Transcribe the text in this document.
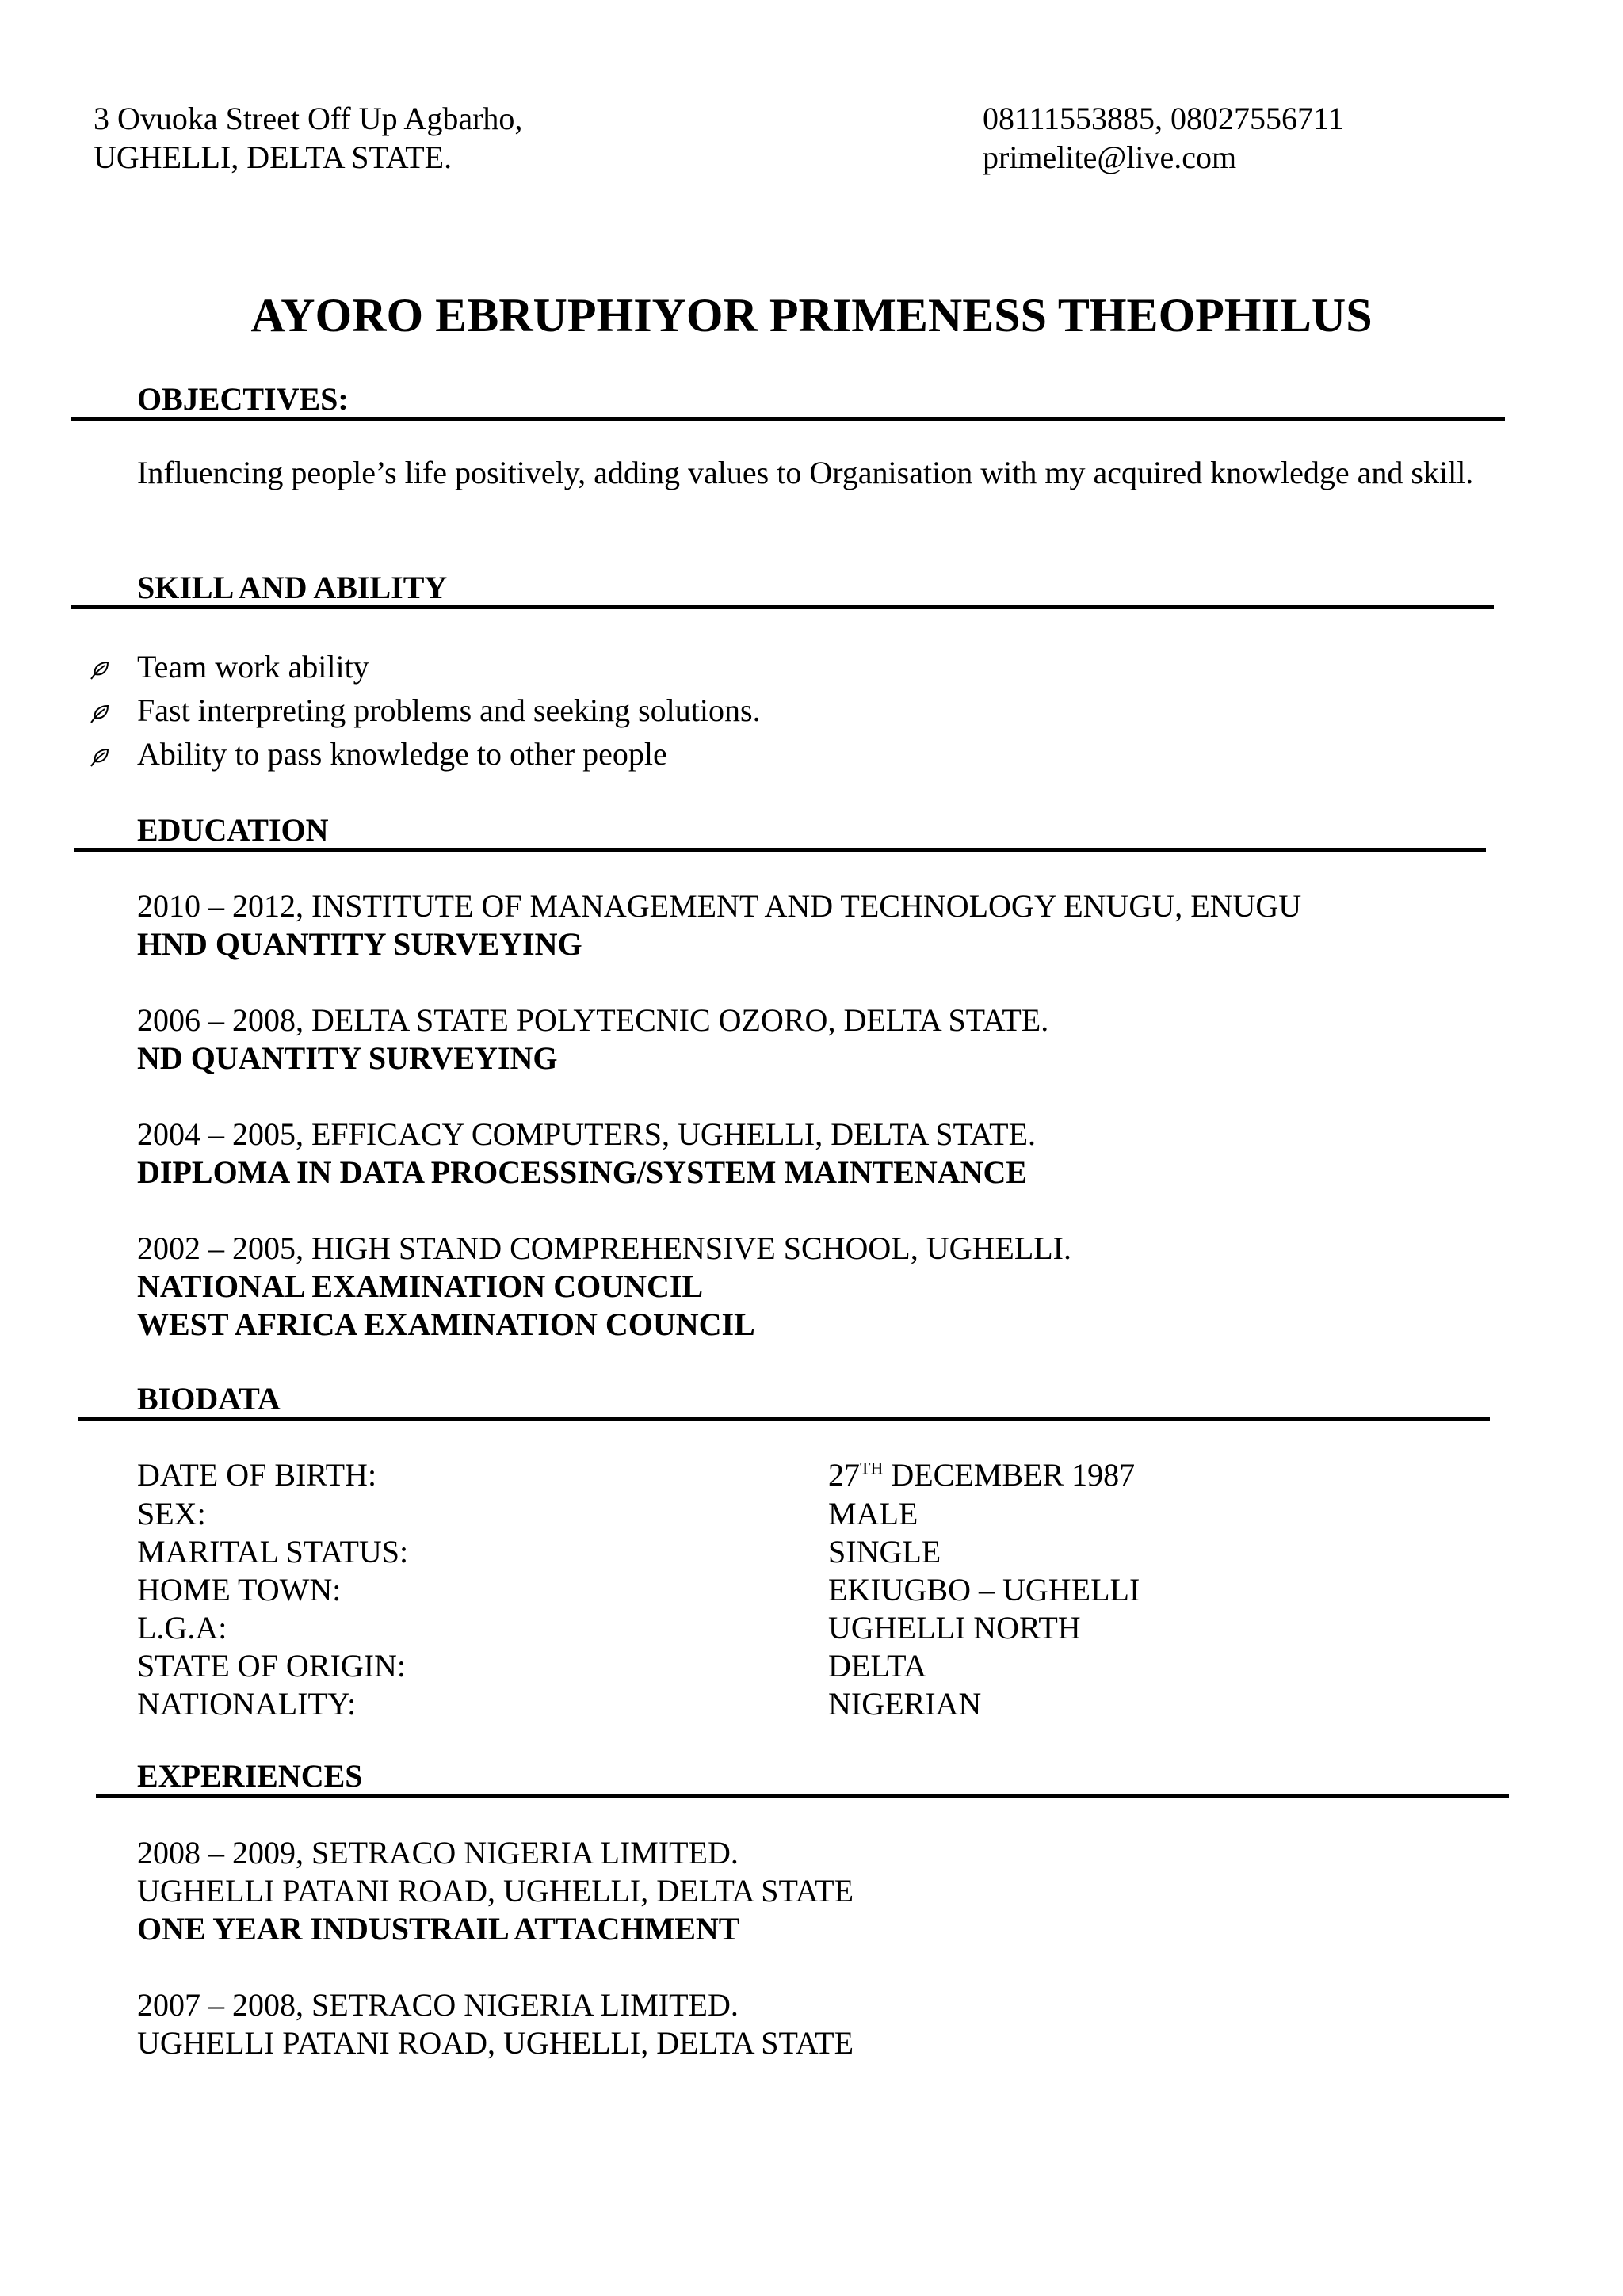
3 Ovuoka Street Off Up Agbarho,
UGHELLI, DELTA STATE.
08111553885, 08027556711
primelite@live.com
AYORO EBRUPHIYOR PRIMENESS THEOPHILUS
OBJECTIVES:
Influencing people’s life positively, adding values to Organisation with my acquired knowledge and skill.
SKILL AND ABILITY
Team work ability
Fast interpreting problems and seeking solutions.
Ability to pass knowledge to other people
EDUCATION
2010 – 2012, INSTITUTE OF MANAGEMENT AND TECHNOLOGY ENUGU, ENUGU
HND QUANTITY SURVEYING
2006 – 2008, DELTA STATE POLYTECNIC OZORO, DELTA STATE.
ND QUANTITY SURVEYING
2004 – 2005, EFFICACY COMPUTERS, UGHELLI, DELTA STATE.
DIPLOMA IN DATA PROCESSING/SYSTEM MAINTENANCE
2002 – 2005, HIGH STAND COMPREHENSIVE SCHOOL, UGHELLI.
NATIONAL EXAMINATION COUNCIL
WEST AFRICA EXAMINATION COUNCIL
BIODATA
DATE OF BIRTH:	27TH DECEMBER 1987
SEX:	MALE
MARITAL STATUS:	SINGLE
HOME TOWN:	EKIUGBO – UGHELLI
L.G.A:	UGHELLI NORTH
STATE OF ORIGIN:	DELTA
NATIONALITY:	NIGERIAN
EXPERIENCES
2008 – 2009, SETRACO NIGERIA LIMITED.
UGHELLI PATANI ROAD, UGHELLI, DELTA STATE
ONE YEAR INDUSTRAIL ATTACHMENT
2007 – 2008, SETRACO NIGERIA LIMITED.
UGHELLI PATANI ROAD, UGHELLI, DELTA STATE
